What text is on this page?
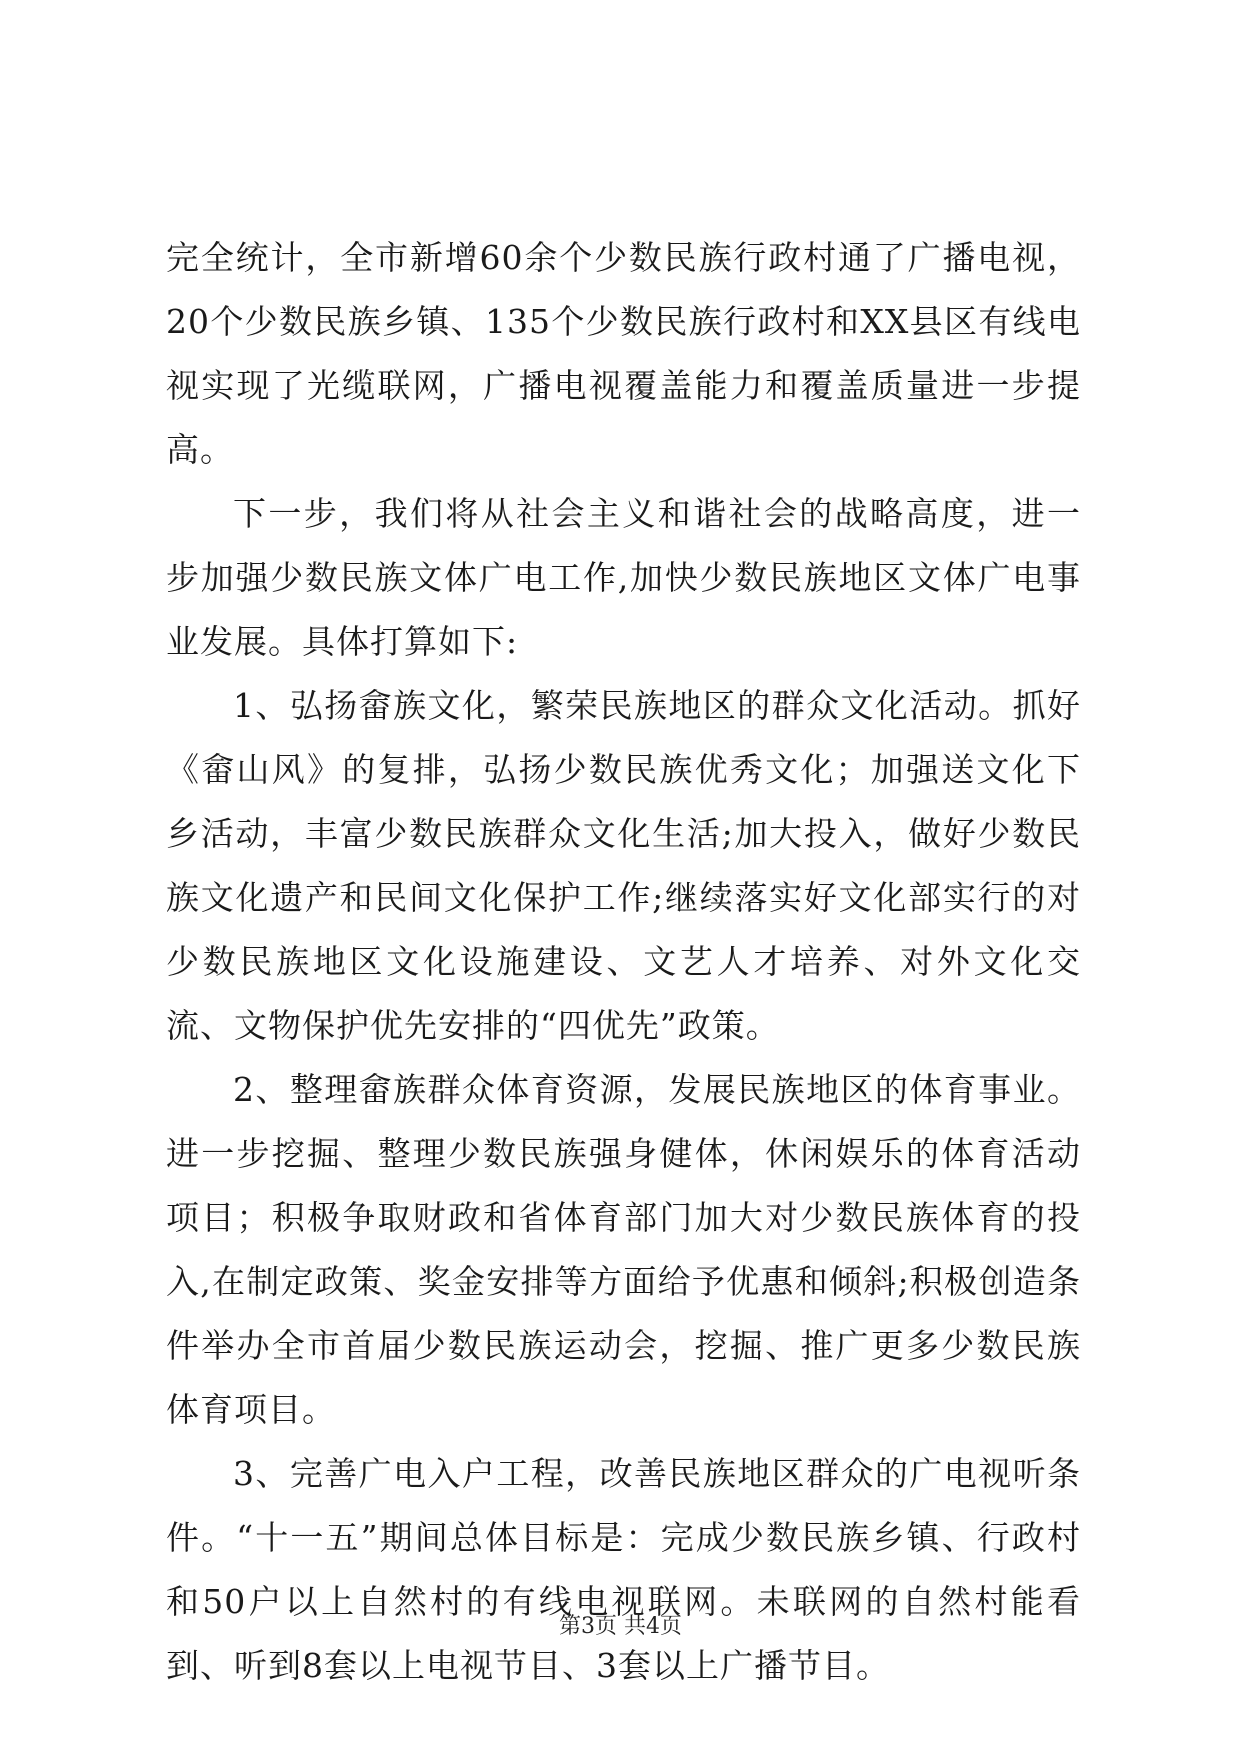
完全统计，全市新增60余个少数民族行政村通了广播电视，20个少数民族乡镇、135个少数民族行政村和XX县区有线电视实现了光缆联网，广播电视覆盖能力和覆盖质量进一步提高。

下一步，我们将从社会主义和谐社会的战略高度，进一步加强少数民族文体广电工作,加快少数民族地区文体广电事业发展。具体打算如下:

1、弘扬畲族文化，繁荣民族地区的群众文化活动。抓好《畲山风》的复排，弘扬少数民族优秀文化；加强送文化下乡活动，丰富少数民族群众文化生活;加大投入，做好少数民族文化遗产和民间文化保护工作;继续落实好文化部实行的对少数民族地区文化设施建设、文艺人才培养、对外文化交流、文物保护优先安排的“四优先”政策。

2、整理畲族群众体育资源，发展民族地区的体育事业。进一步挖掘、整理少数民族强身健体，休闲娱乐的体育活动项目；积极争取财政和省体育部门加大对少数民族体育的投入,在制定政策、奖金安排等方面给予优惠和倾斜;积极创造条件举办全市首届少数民族运动会，挖掘、推广更多少数民族体育项目。

3、完善广电入户工程，改善民族地区群众的广电视听条件。“十一五”期间总体目标是：完成少数民族乡镇、行政村和50户以上自然村的有线电视联网。未联网的自然村能看到、听到8套以上电视节目、3套以上广播节目。

第3页 共4页
